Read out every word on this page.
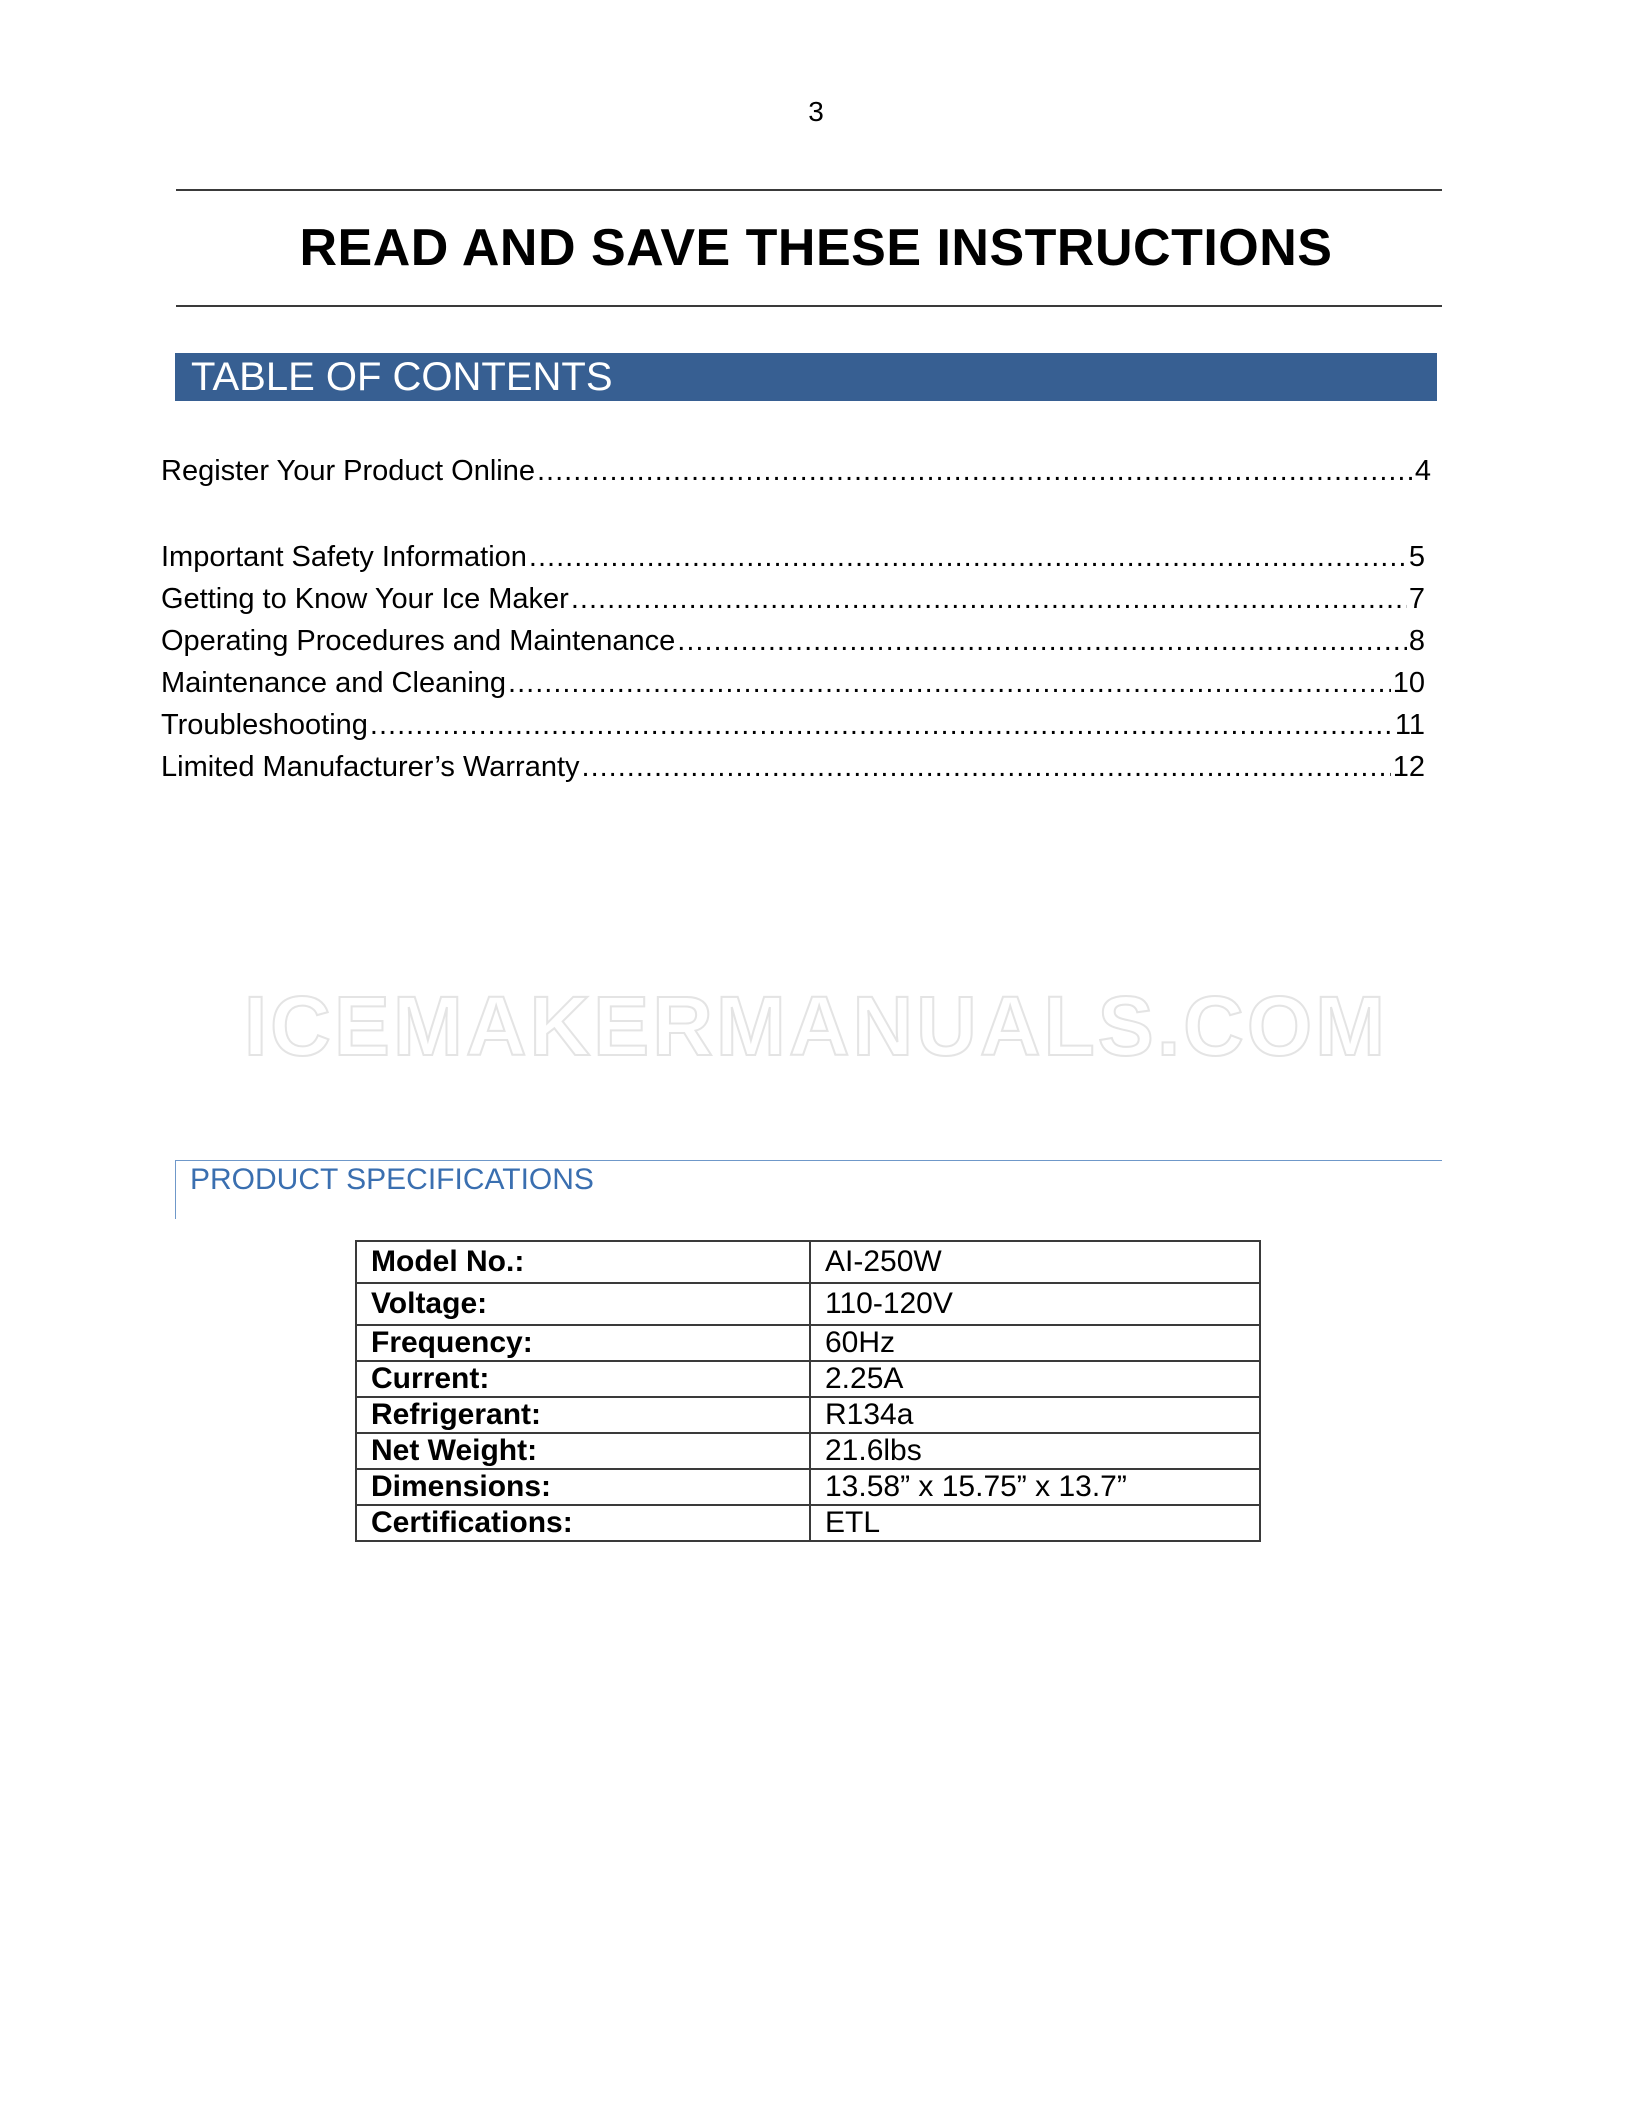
3
READ AND SAVE THESE INSTRUCTIONS
TABLE OF CONTENTS
Register Your Product Online .....	4
Important Safety Information .....	5
Getting to Know Your Ice Maker .....	7
Operating Procedures and Maintenance .....	8
Maintenance and Cleaning .....	10
Troubleshooting .....	11
Limited Manufacturer’s Warranty .....	12
ICEMAKERMANUALS.COM
PRODUCT SPECIFICATIONS
Model No.:	AI-250W
Voltage:	110-120V
Frequency:	60Hz
Current:	2.25A
Refrigerant:	R134a
Net Weight:	21.6lbs
Dimensions:	13.58” x 15.75” x 13.7”
Certifications:	ETL
